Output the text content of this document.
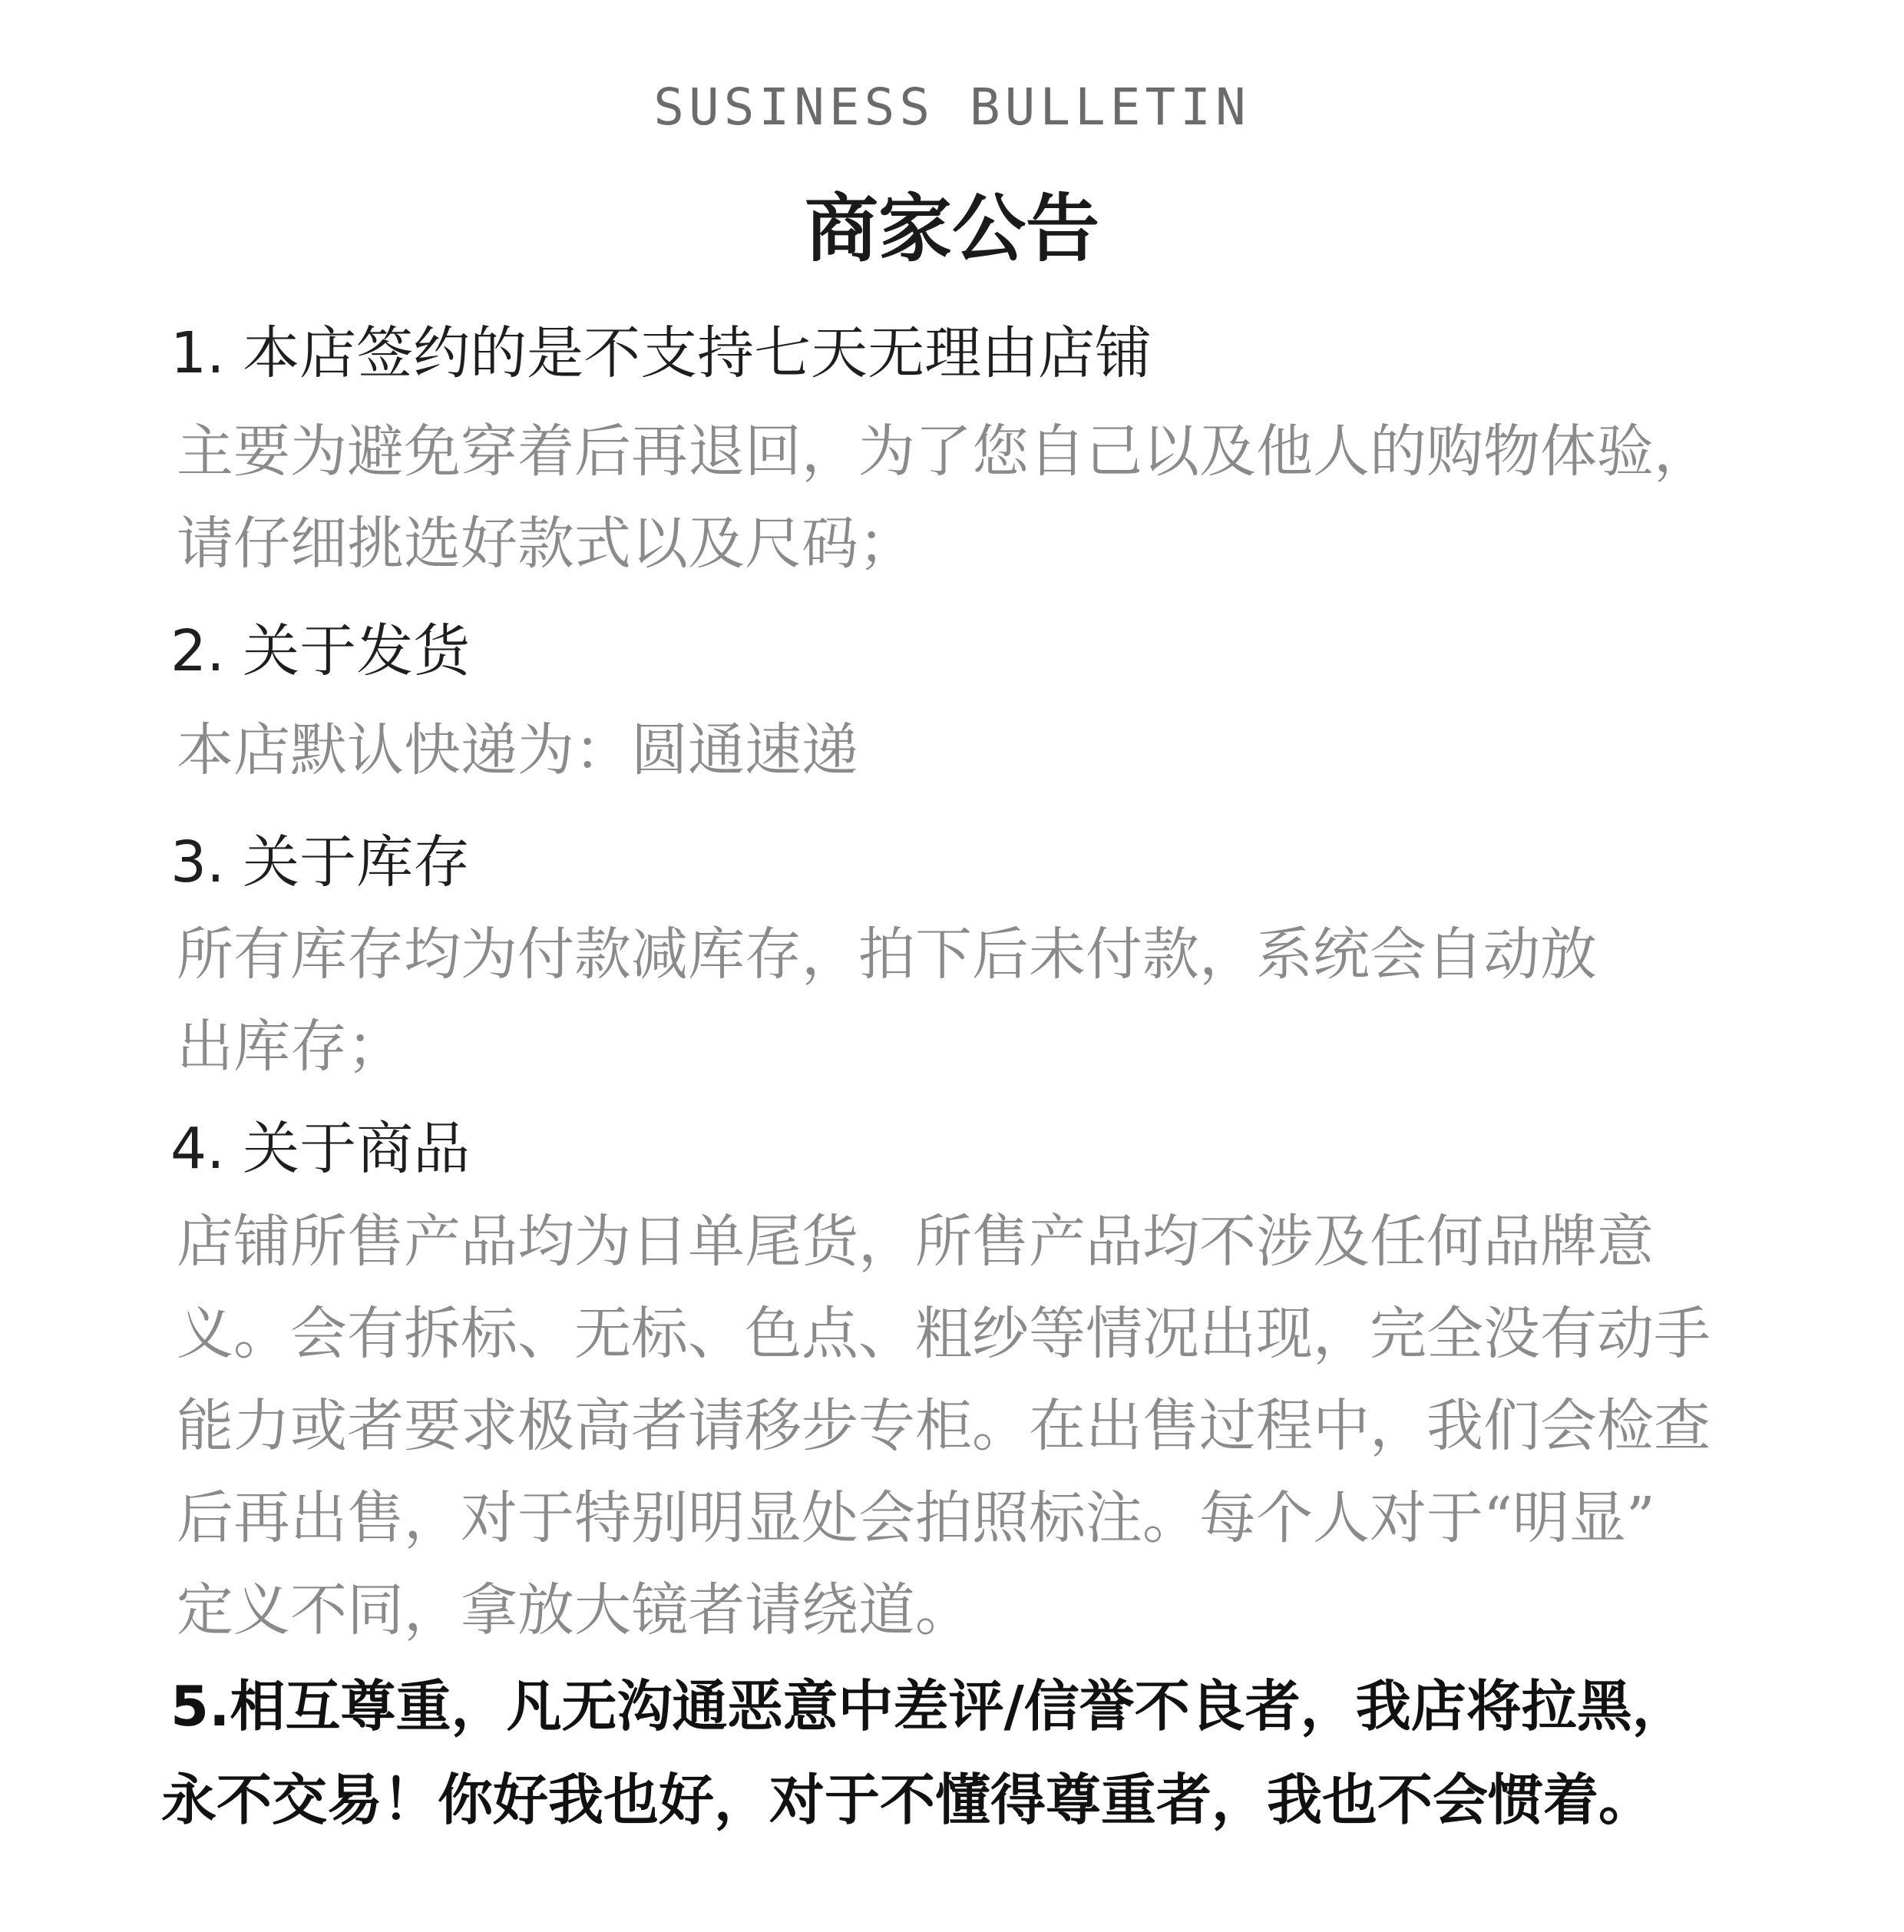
SUSINESS BULLETIN
商家公告
1. 本店签约的是不支持七天无理由店铺
主要为避免穿着后再退回，为了您自己以及他人的购物体验，
请仔细挑选好款式以及尺码；
2. 关于发货
本店默认快递为：圆通速递
3. 关于库存
所有库存均为付款减库存，拍下后未付款，系统会自动放
出库存；
4. 关于商品
店铺所售产品均为日单尾货，所售产品均不涉及任何品牌意
义。会有拆标、无标、色点、粗纱等情况出现，完全没有动手
能力或者要求极高者请移步专柜。在出售过程中，我们会检查
后再出售，对于特别明显处会拍照标注。每个人对于“明显”
定义不同，拿放大镜者请绕道。
5.相互尊重，凡无沟通恶意中差评/信誉不良者，我店将拉黑，
永不交易！你好我也好，对于不懂得尊重者，我也不会惯着。
